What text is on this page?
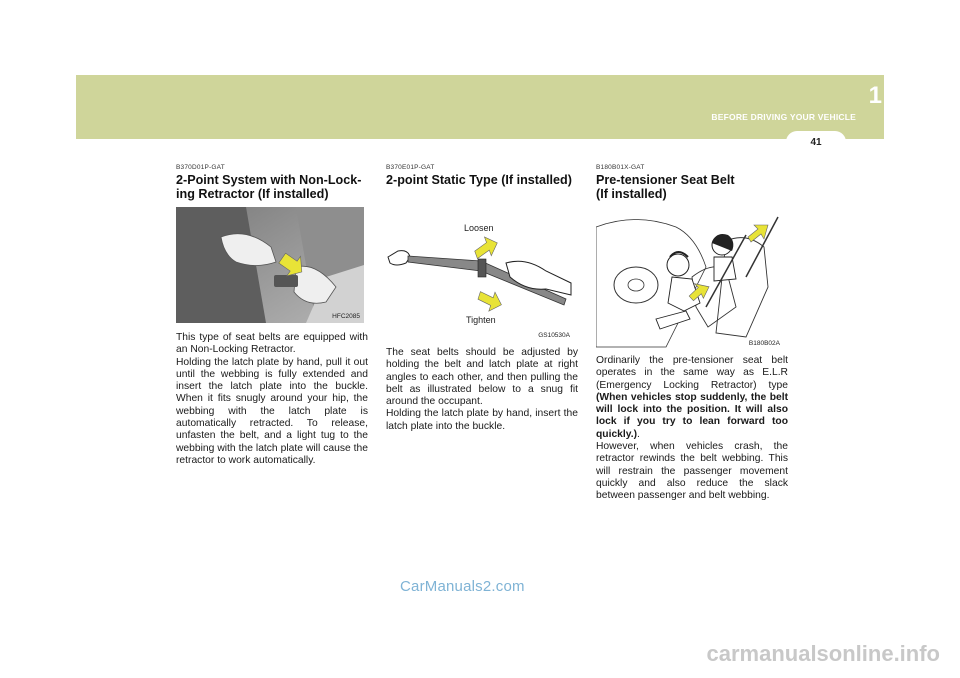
1
BEFORE DRIVING YOUR VEHICLE
41
B370D01P-GAT
2-Point System with Non-Lock-
ing Retractor (If installed)
HFC2085

This type of seat belts are equipped with an Non-Locking Retractor.

Holding the latch plate by hand, pull it out until the webbing is fully extended and insert the latch plate into the buckle. When it fits snugly around your hip, the webbing with the latch plate is automatically retracted. To release, unfasten the belt, and a light tug to the webbing with the latch plate will cause the retractor to work automatically.

B370E01P-GAT
2-point Static Type (If installed)
Loosen
Tighten
GS10530A

The seat belts should be adjusted by holding the belt and latch plate at right angles to each other, and then pulling the belt as illustrated below to a snug fit around the occupant.

Holding the latch plate by hand, insert the latch plate into the buckle.

B180B01X-GAT
Pre-tensioner Seat Belt
(If installed)
B180B02A

Ordinarily the pre-tensioner seat belt operates in the same way as E.L.R (Emergency Locking Retractor) type (When vehicles stop suddenly, the belt will lock into the position. It will also lock if you try to lean forward too quickly.).

However, when vehicles crash, the retractor rewinds the belt webbing. This will restrain the passenger movement quickly and also reduce the slack between passenger and belt webbing.

CarManuals2.com
carmanualsonline.info
